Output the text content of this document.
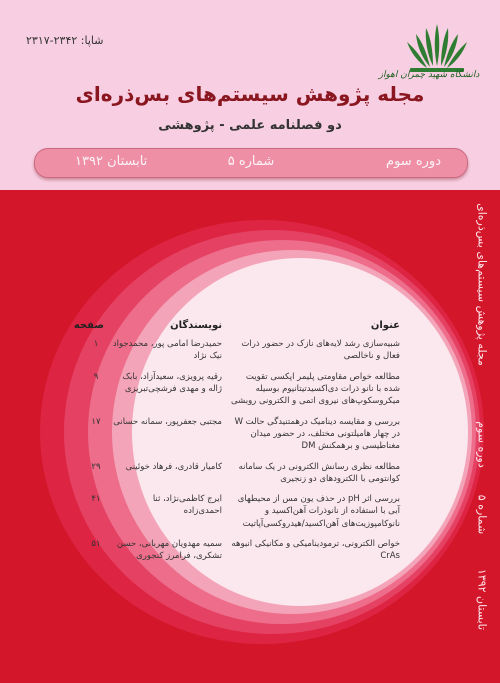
شاپا: ۲۳۴۲-۲۳۱۷
دانشگاه شهید چمران اهواز
مجله پژوهش سیستم‌های بس‌ذره‌ای
دو فصلنامه علمی - پژوهشی
دوره سوم
شماره ۵
تابستان ۱۳۹۲
مجله پژوهش سیستم‌های بس‌ذره‌ای
دوره سوم
شماره ۵
تابستان ۱۳۹۲
عنوان
نویسندگان
صفحه
شبیه‌سازی رشد لایه‌های نازک در حضور ذرات فعال و ناخالصی
حمیدرضا امامی پور، محمدجواد نیک نژاد
۱
مطالعه خواص مقاومتی پلیمر اپکسی تقویت شده با نانو ذرات دی‌اکسیدتیتانیوم بوسیله میکروسکوپ‌های نیروی اتمی و الکترونی روبشی
رقیه پرویزی، سعیدآزاد، بابک ژاله و مهدی فرشچی‌تبریزی
۹
بررسی و مقایسه دینامیک درهمتنیدگی حالت W در چهار هامیلتونی مختلف، در حضور میدان مغناطیسی و برهمکنش DM
مجتبی جعفرپور، سمانه حسانی
۱۷
مطالعه نظری رسانش الکترونی در یک سامانه کوانتومی با الکترودهای دو زنجیری
کامیار قادری، فرهاد خوئینی
۲۹
بررسی اثر pH در حذف یون مس از محیطهای آبی با استفاده از نانوذرات آهن‌اکسید و نانوکامپوزیت‌های آهن‌اکسید/هیدروکسی‌آپاتیت
ایرج کاظمی‌نژاد، ثنا احمدی‌زاده
۴۱
خواص الکترونی، ترمودینامیکی و مکانیکی انبوهه CrAs
سمیه مهدویان مهربانی، حسن تشکری، فرامرز کنجوری
۵۱
